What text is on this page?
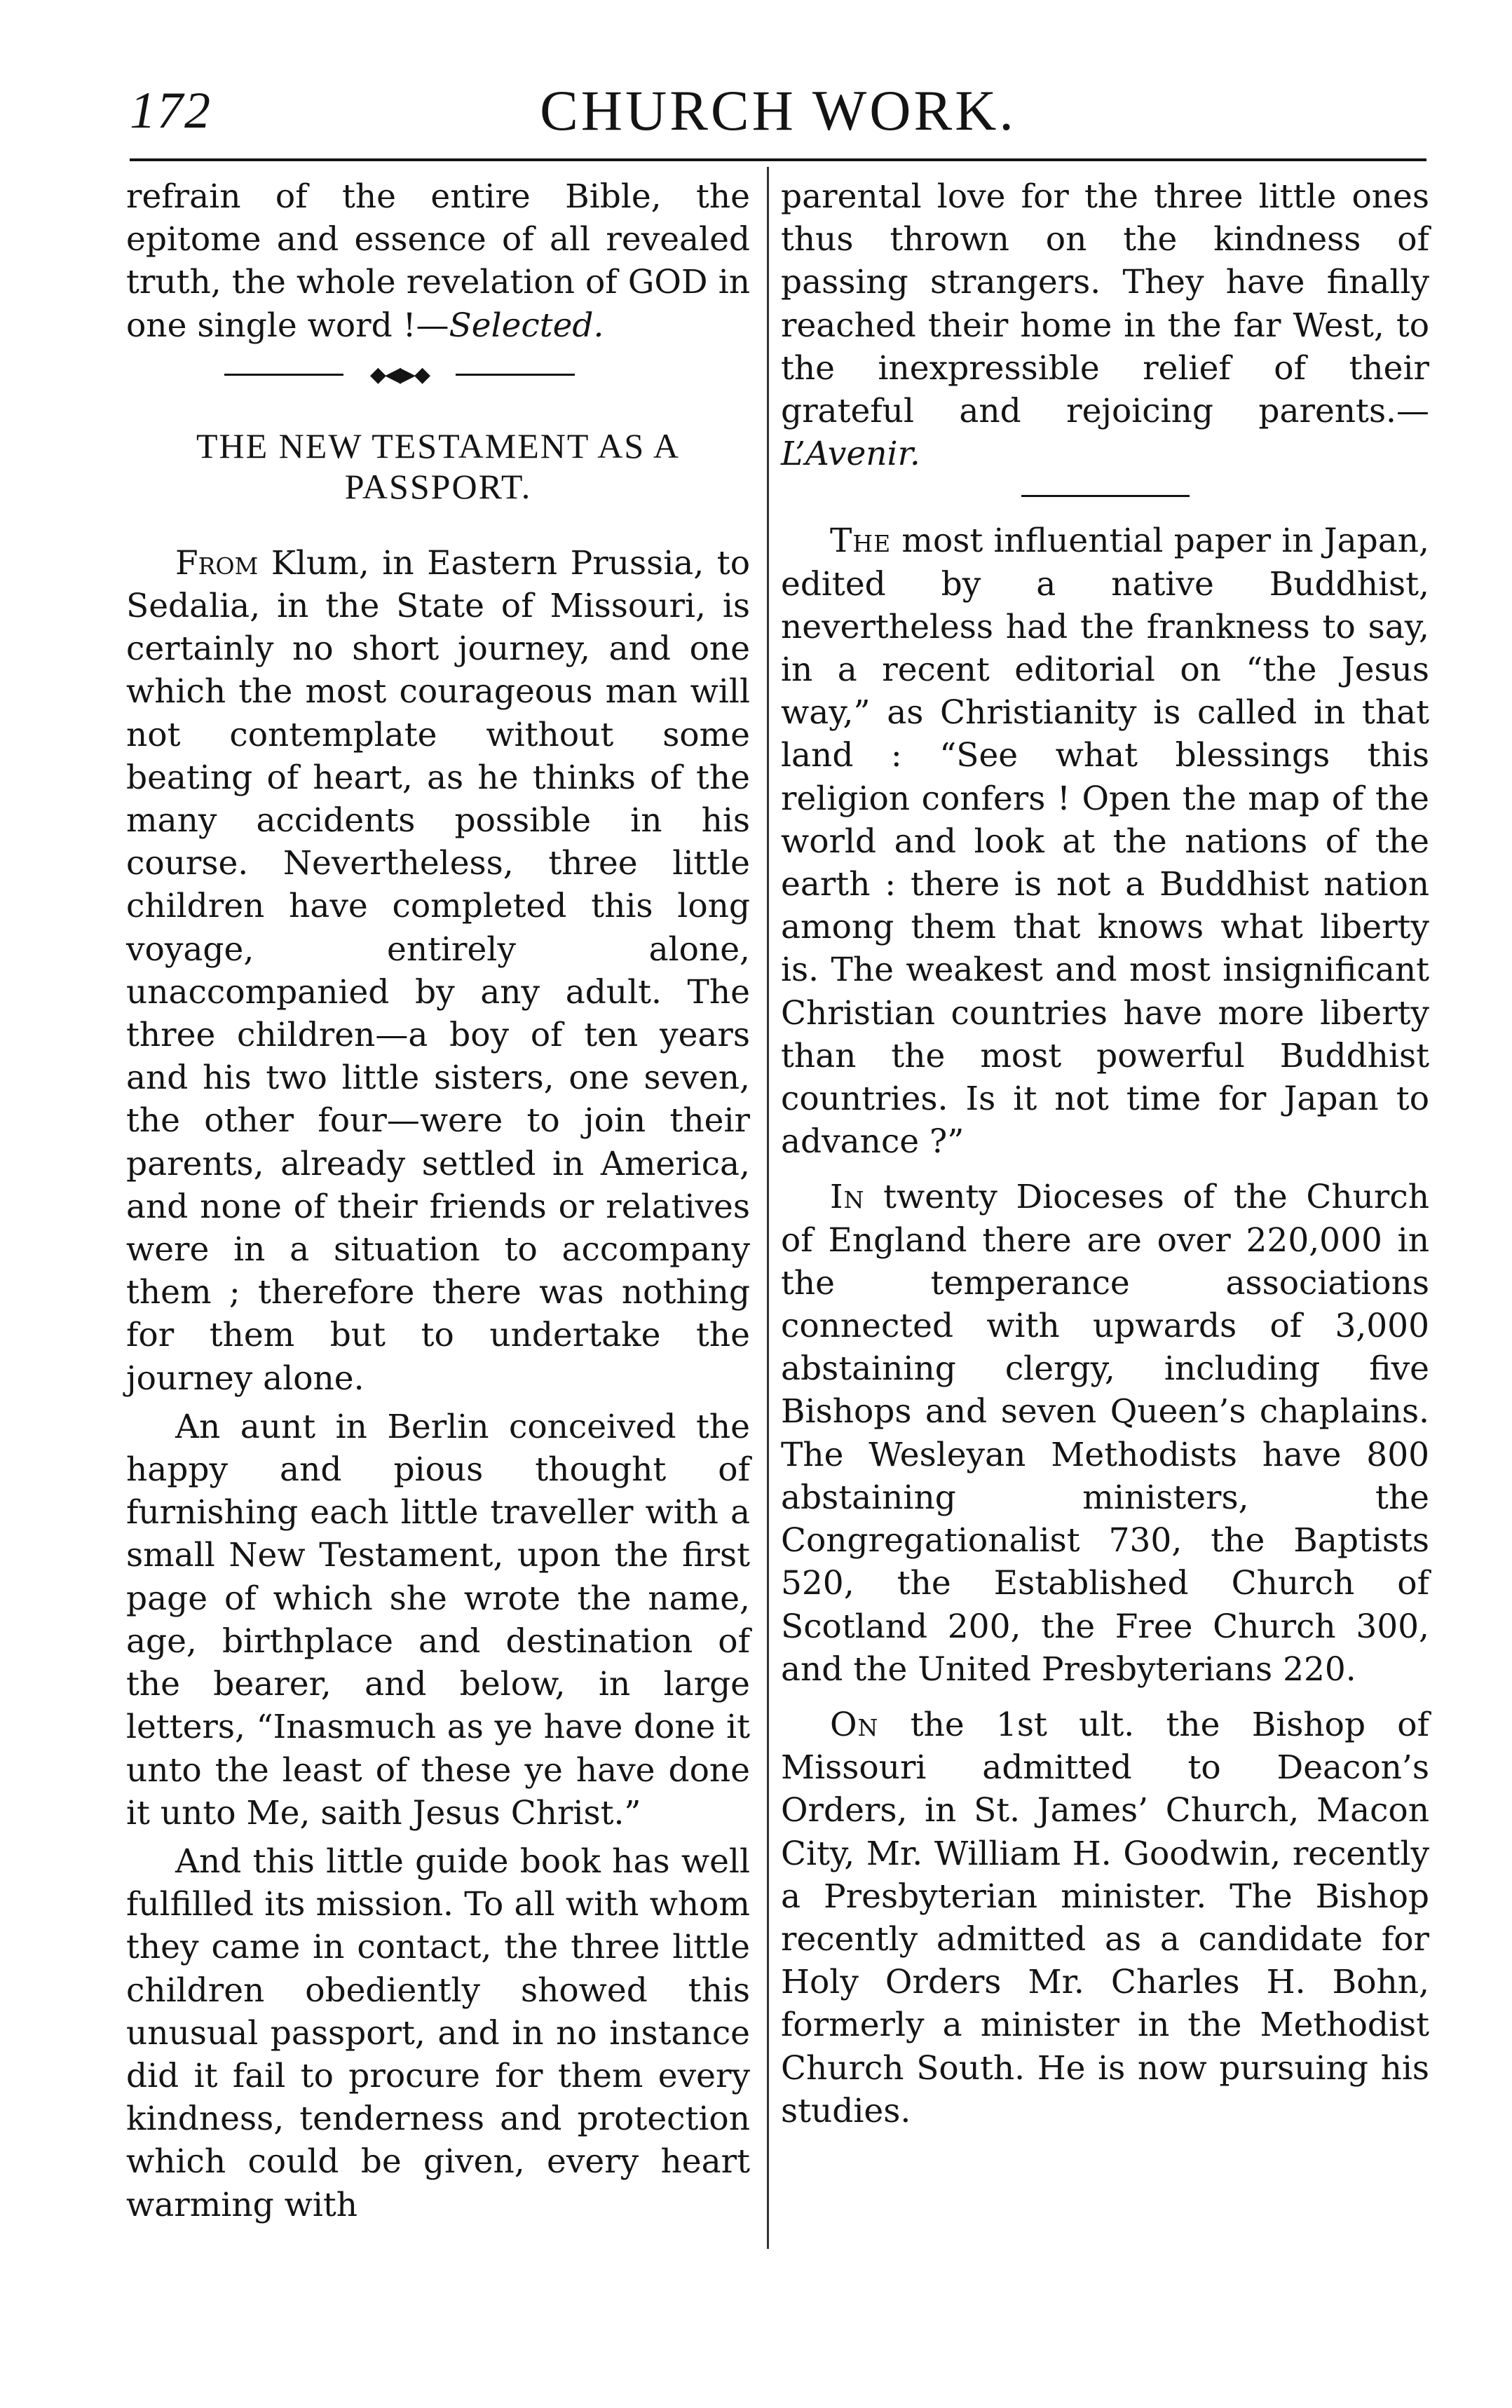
172	CHURCH WORK.

refrain of the entire Bible, the epitome and essence of all revealed truth, the whole revelation of GOD in one single word !—Selected.

◆◀▶◆

THE NEW TESTAMENT AS A PASSPORT.

From Klum, in Eastern Prussia, to Sedalia, in the State of Missouri, is certainly no short journey, and one which the most courageous man will not contemplate without some beating of heart, as he thinks of the many accidents possible in his course. Nevertheless, three little children have completed this long voyage, entirely alone, unaccompanied by any adult. The three children—a boy of ten years and his two little sisters, one seven, the other four—were to join their parents, already settled in America, and none of their friends or relatives were in a situation to accompany them ; therefore there was nothing for them but to undertake the journey alone.

An aunt in Berlin conceived the happy and pious thought of furnishing each little traveller with a small New Testament, upon the first page of which she wrote the name, age, birthplace and destination of the bearer, and below, in large letters, “Inasmuch as ye have done it unto the least of these ye have done it unto Me, saith Jesus Christ.”

And this little guide book has well fulfilled its mission. To all with whom they came in contact, the three little children obediently showed this unusual passport, and in no instance did it fail to procure for them every kindness, tenderness and protection which could be given, every heart warming with

parental love for the three little ones thus thrown on the kindness of passing strangers. They have finally reached their home in the far West, to the inexpressible relief of their grateful and rejoicing parents.—L’Avenir.

The most influential paper in Japan, edited by a native Buddhist, nevertheless had the frankness to say, in a recent editorial on “the Jesus way,” as Christianity is called in that land : “See what blessings this religion confers ! Open the map of the world and look at the nations of the earth : there is not a Buddhist nation among them that knows what liberty is. The weakest and most insignificant Christian countries have more liberty than the most powerful Buddhist countries. Is it not time for Japan to advance ?”

In twenty Dioceses of the Church of England there are over 220,000 in the temperance associations connected with upwards of 3,000 abstaining clergy, including five Bishops and seven Queen’s chaplains. The Wesleyan Methodists have 800 abstaining ministers, the Congregationalist 730, the Baptists 520, the Established Church of Scotland 200, the Free Church 300, and the United Presbyterians 220.

On the 1st ult. the Bishop of Missouri admitted to Deacon’s Orders, in St. James’ Church, Macon City, Mr. William H. Goodwin, recently a Presbyterian minister. The Bishop recently admitted as a candidate for Holy Orders Mr. Charles H. Bohn, formerly a minister in the Methodist Church South. He is now pursuing his studies.
